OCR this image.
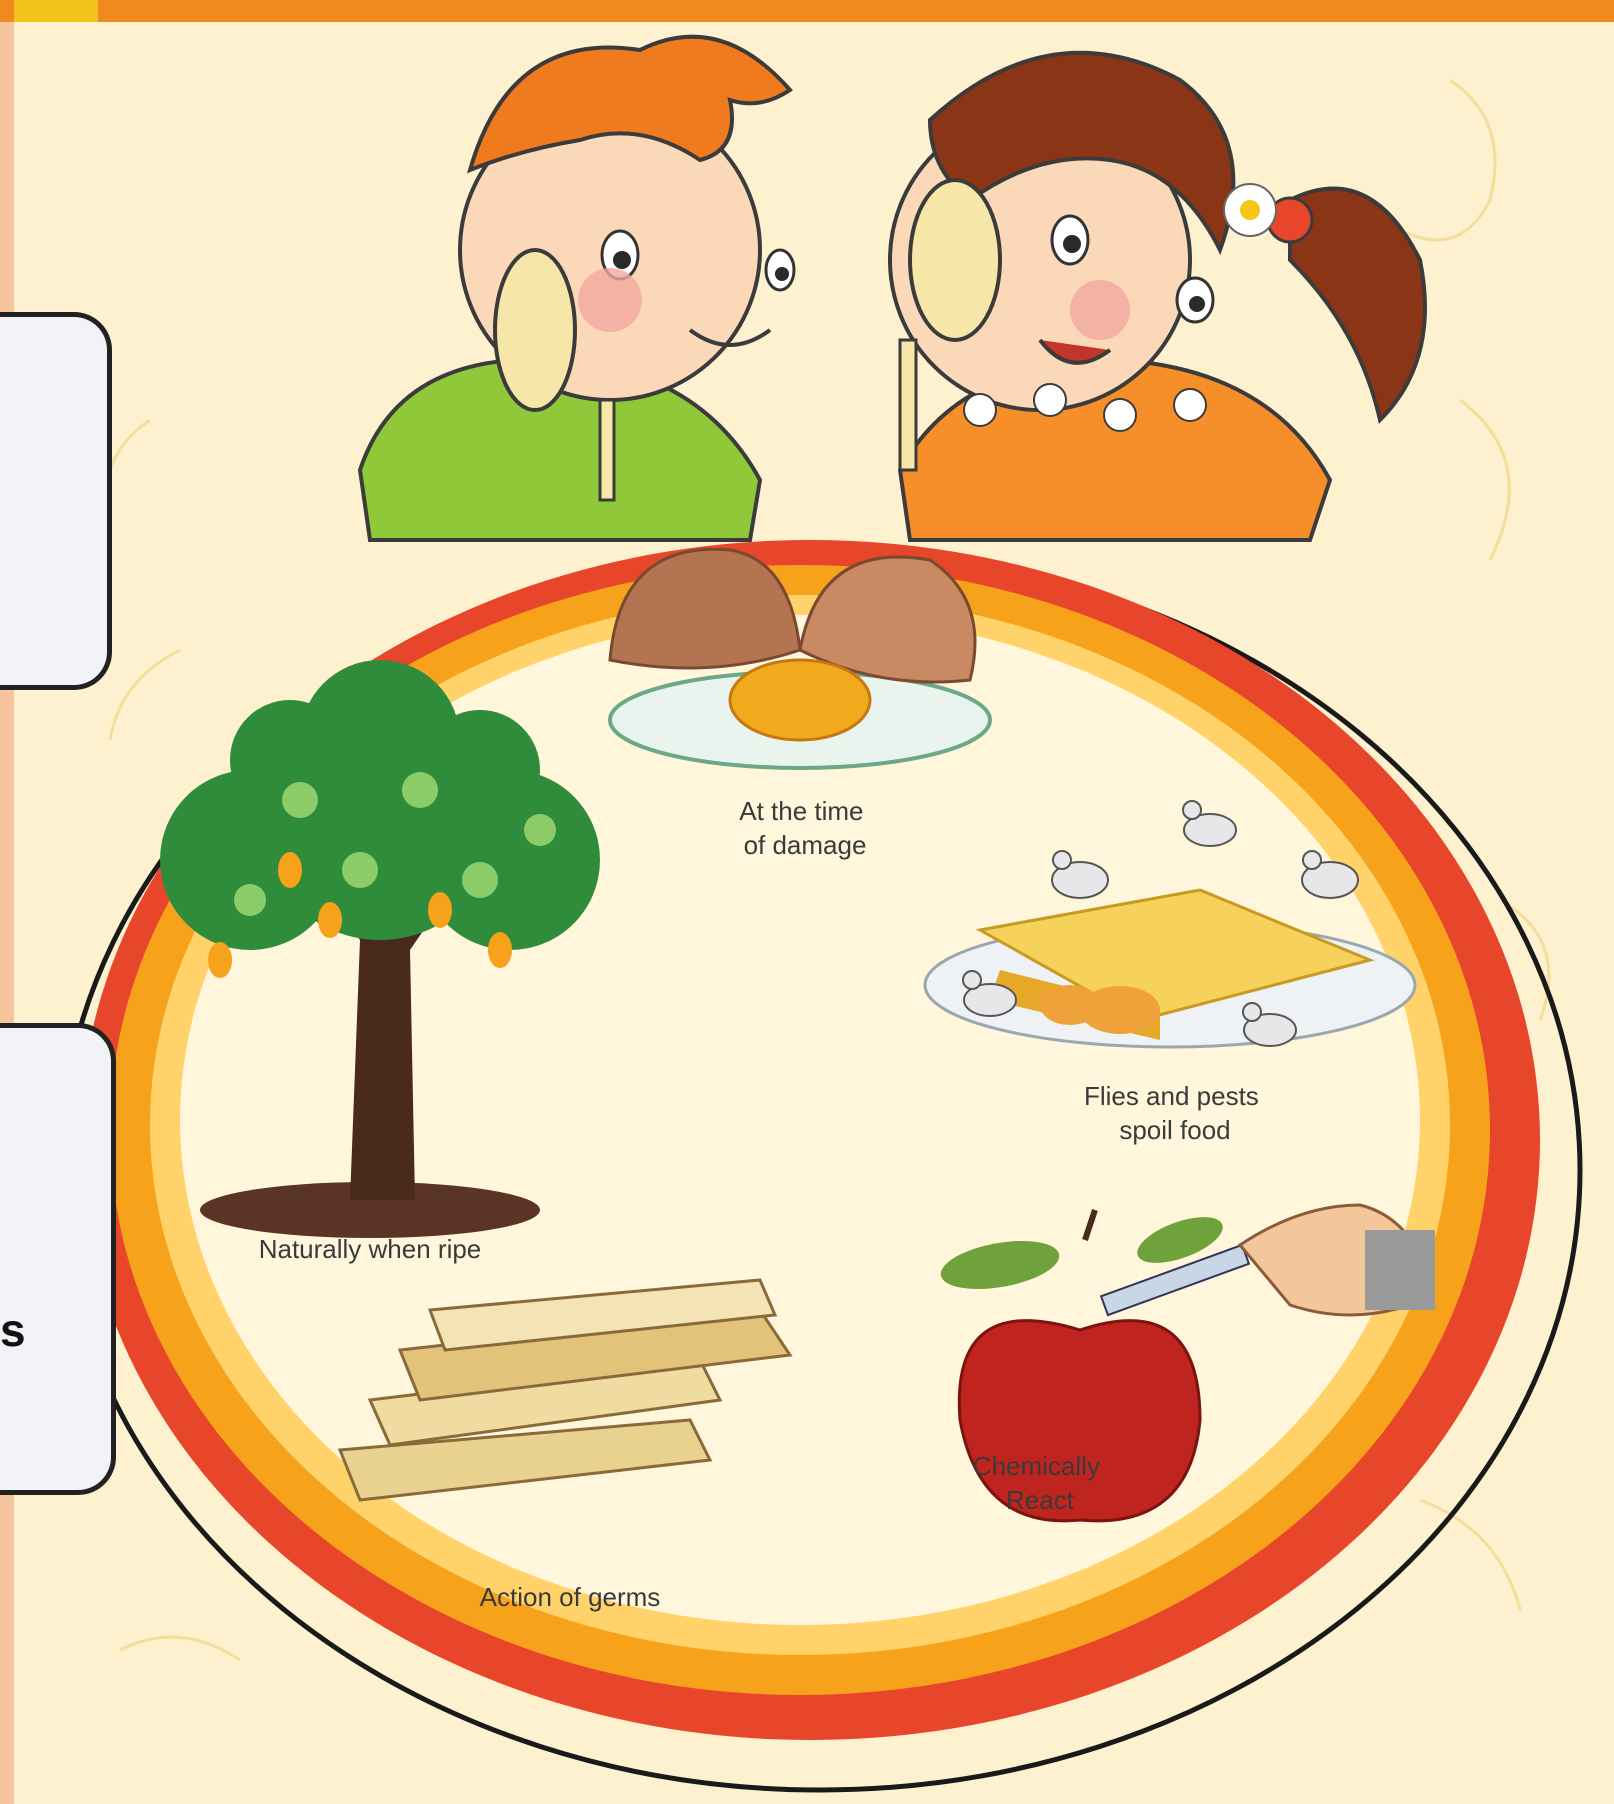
At the time of damage
Naturally when ripe
Flies and pests spoil food
Chemically React
Action of germs
s
